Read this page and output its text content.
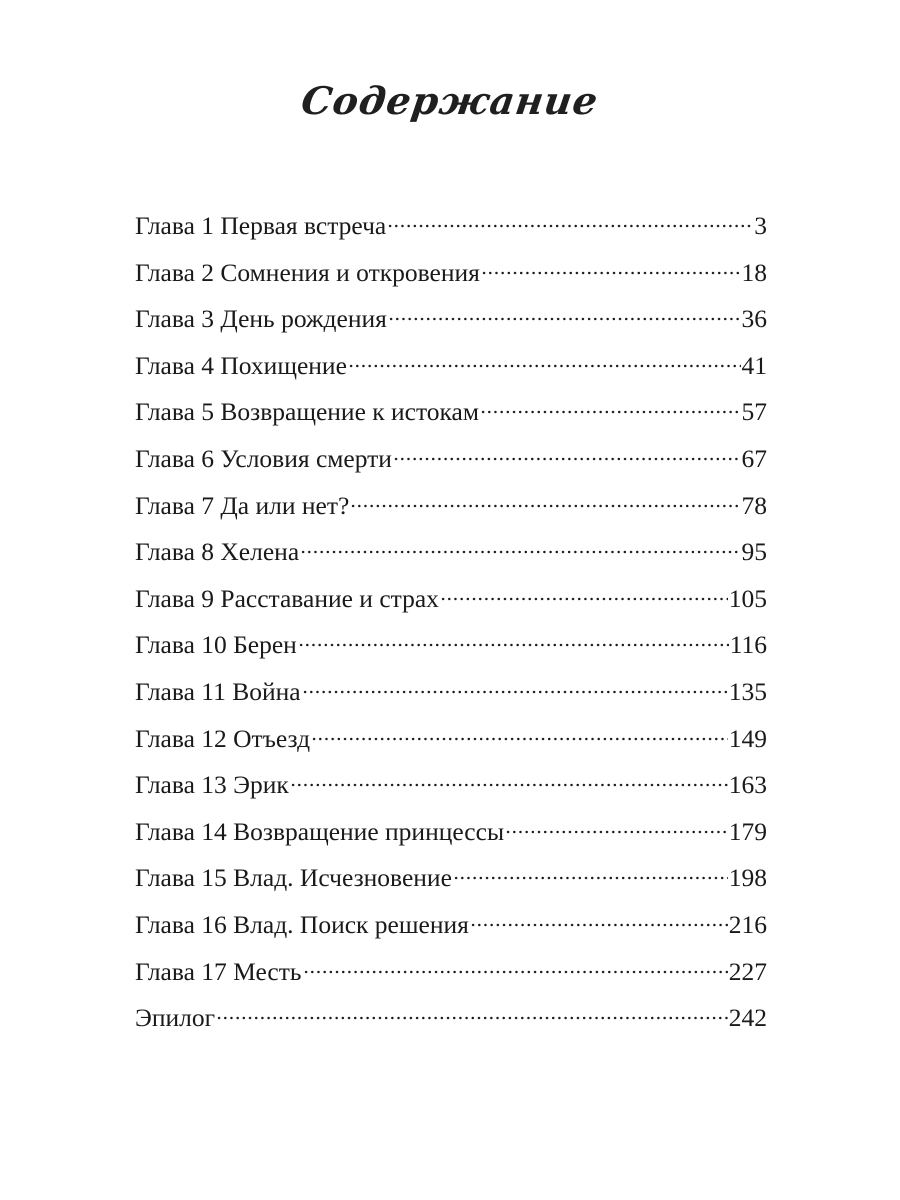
Содержание
Глава 1 Первая встреча	3
Глава 2 Сомнения и откровения	18
Глава 3 День рождения	36
Глава 4 Похищение	41
Глава 5 Возвращение к истокам	57
Глава 6 Условия смерти	67
Глава 7 Да или нет?	78
Глава 8 Хелена	95
Глава 9 Расставание и страх	105
Глава 10 Берен	116
Глава 11 Война	135
Глава 12 Отъезд	149
Глава 13 Эрик	163
Глава 14 Возвращение принцессы	179
Глава 15 Влад. Исчезновение	198
Глава 16 Влад. Поиск решения	216
Глава 17 Месть	227
Эпилог	242
